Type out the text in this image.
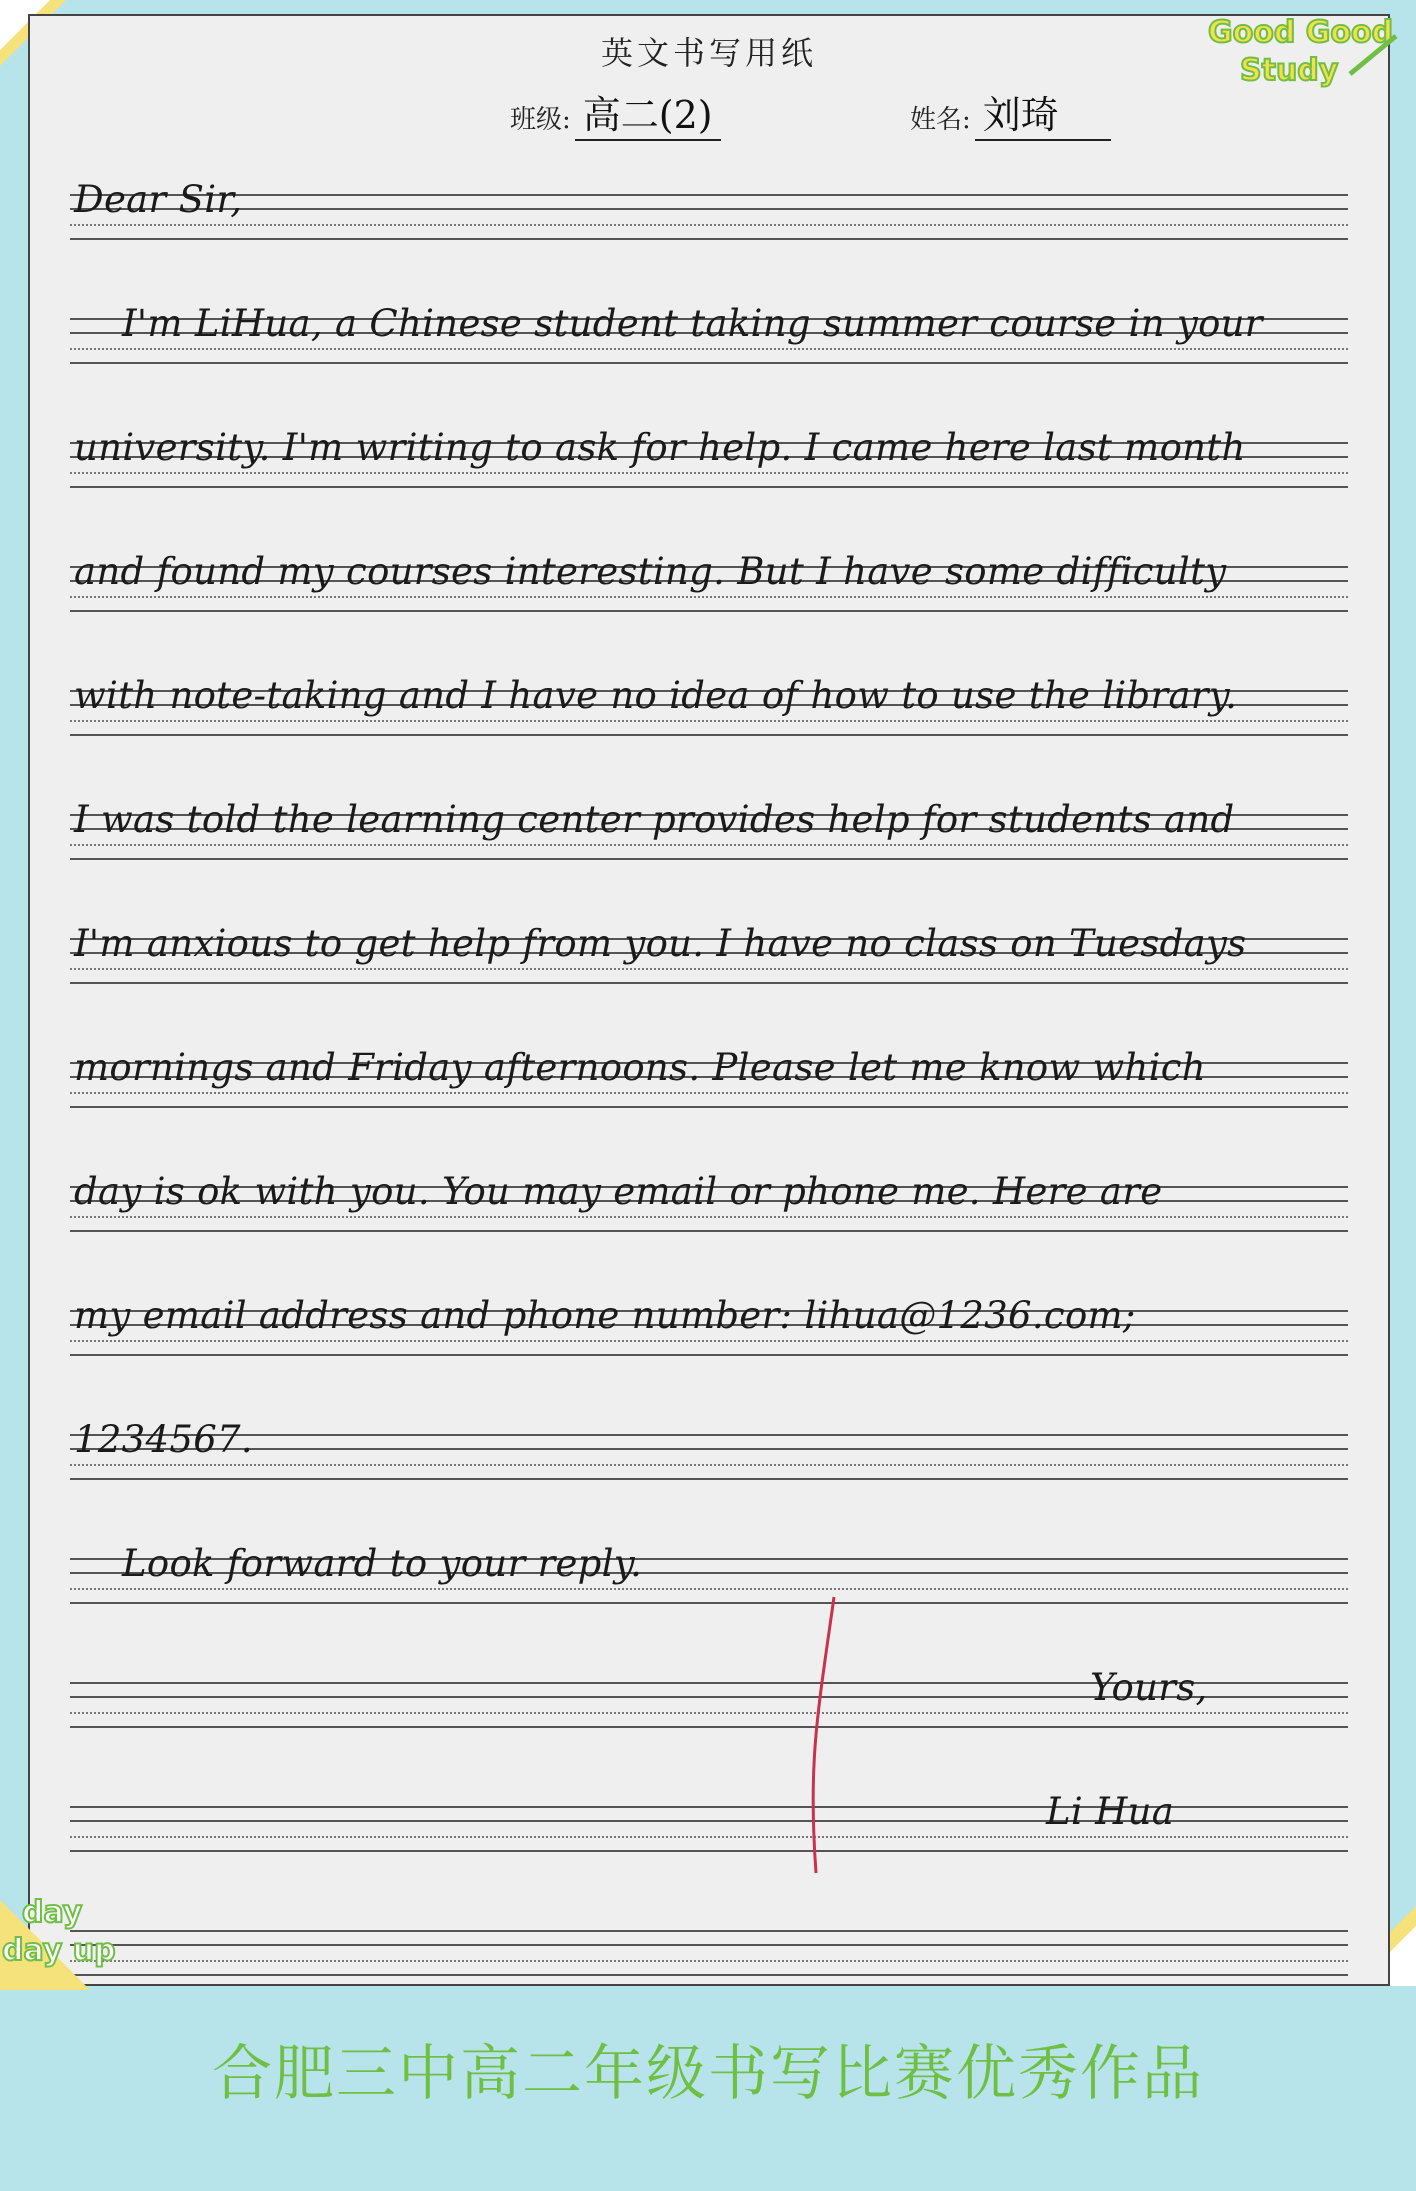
英文书写用纸
班级: 高二(2)	姓名: 刘琦
Dear Sir,
I'm LiHua, a Chinese student taking summer course in your
university. I'm writing to ask for help. I came here last month
and found my courses interesting. But I have some difficulty
with note-taking and I have no idea of how to use the library.
I was told the learning center provides help for students and
I'm anxious to get help from you. I have no class on Tuesdays
mornings and Friday afternoons. Please let me know which
day is ok with you. You may email or phone me. Here are
my email address and phone number: lihua@1236.com;
1234567.
Look forward to your reply.
Yours,
Li Hua
Good Good
Study
day
day up
合肥三中高二年级书写比赛优秀作品
